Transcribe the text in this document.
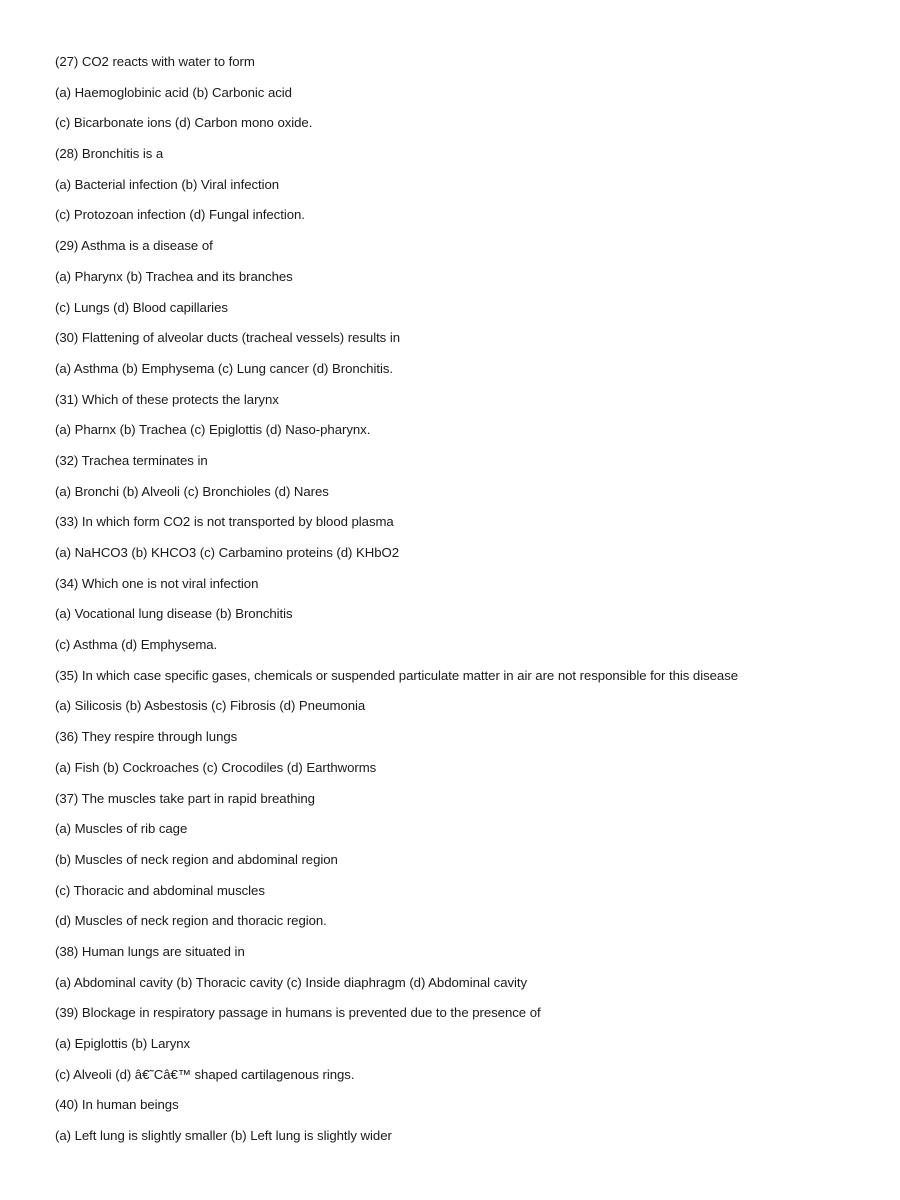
(27) CO2 reacts with water to form
(a) Haemoglobinic acid (b) Carbonic acid
(c) Bicarbonate ions (d) Carbon mono oxide.
(28) Bronchitis is a
(a) Bacterial infection (b) Viral infection
(c) Protozoan infection (d) Fungal infection.
(29) Asthma is a disease of
(a) Pharynx (b) Trachea and its branches
(c) Lungs (d) Blood capillaries
(30) Flattening of alveolar ducts (tracheal vessels) results in
(a) Asthma (b) Emphysema (c) Lung cancer (d) Bronchitis.
(31) Which of these protects the larynx
(a) Pharnx (b) Trachea (c) Epiglottis (d) Naso-pharynx.
(32) Trachea terminates in
(a) Bronchi (b) Alveoli (c) Bronchioles (d) Nares
(33) In which form CO2 is not transported by blood plasma
(a) NaHCO3 (b) KHCO3 (c) Carbamino proteins (d) KHbO2
(34) Which one is not viral infection
(a) Vocational lung disease (b) Bronchitis
(c) Asthma (d) Emphysema.
(35) In which case specific gases, chemicals or suspended particulate matter in air are not responsible for this disease
(a) Silicosis (b) Asbestosis (c) Fibrosis (d) Pneumonia
(36) They respire through lungs
(a) Fish (b) Cockroaches (c) Crocodiles (d) Earthworms
(37) The muscles take part in rapid breathing
(a) Muscles of rib cage
(b) Muscles of neck region and abdominal region
(c) Thoracic and abdominal muscles
(d) Muscles of neck region and thoracic region.
(38) Human lungs are situated in
(a) Abdominal cavity (b) Thoracic cavity (c) Inside diaphragm (d) Abdominal cavity
(39) Blockage in respiratory passage in humans is prevented due to the presence of
(a) Epiglottis (b) Larynx
(c) Alveoli (d) â€˜Câ€™ shaped cartilagenous rings.
(40) In human beings
(a) Left lung is slightly smaller (b) Left lung is slightly wider
